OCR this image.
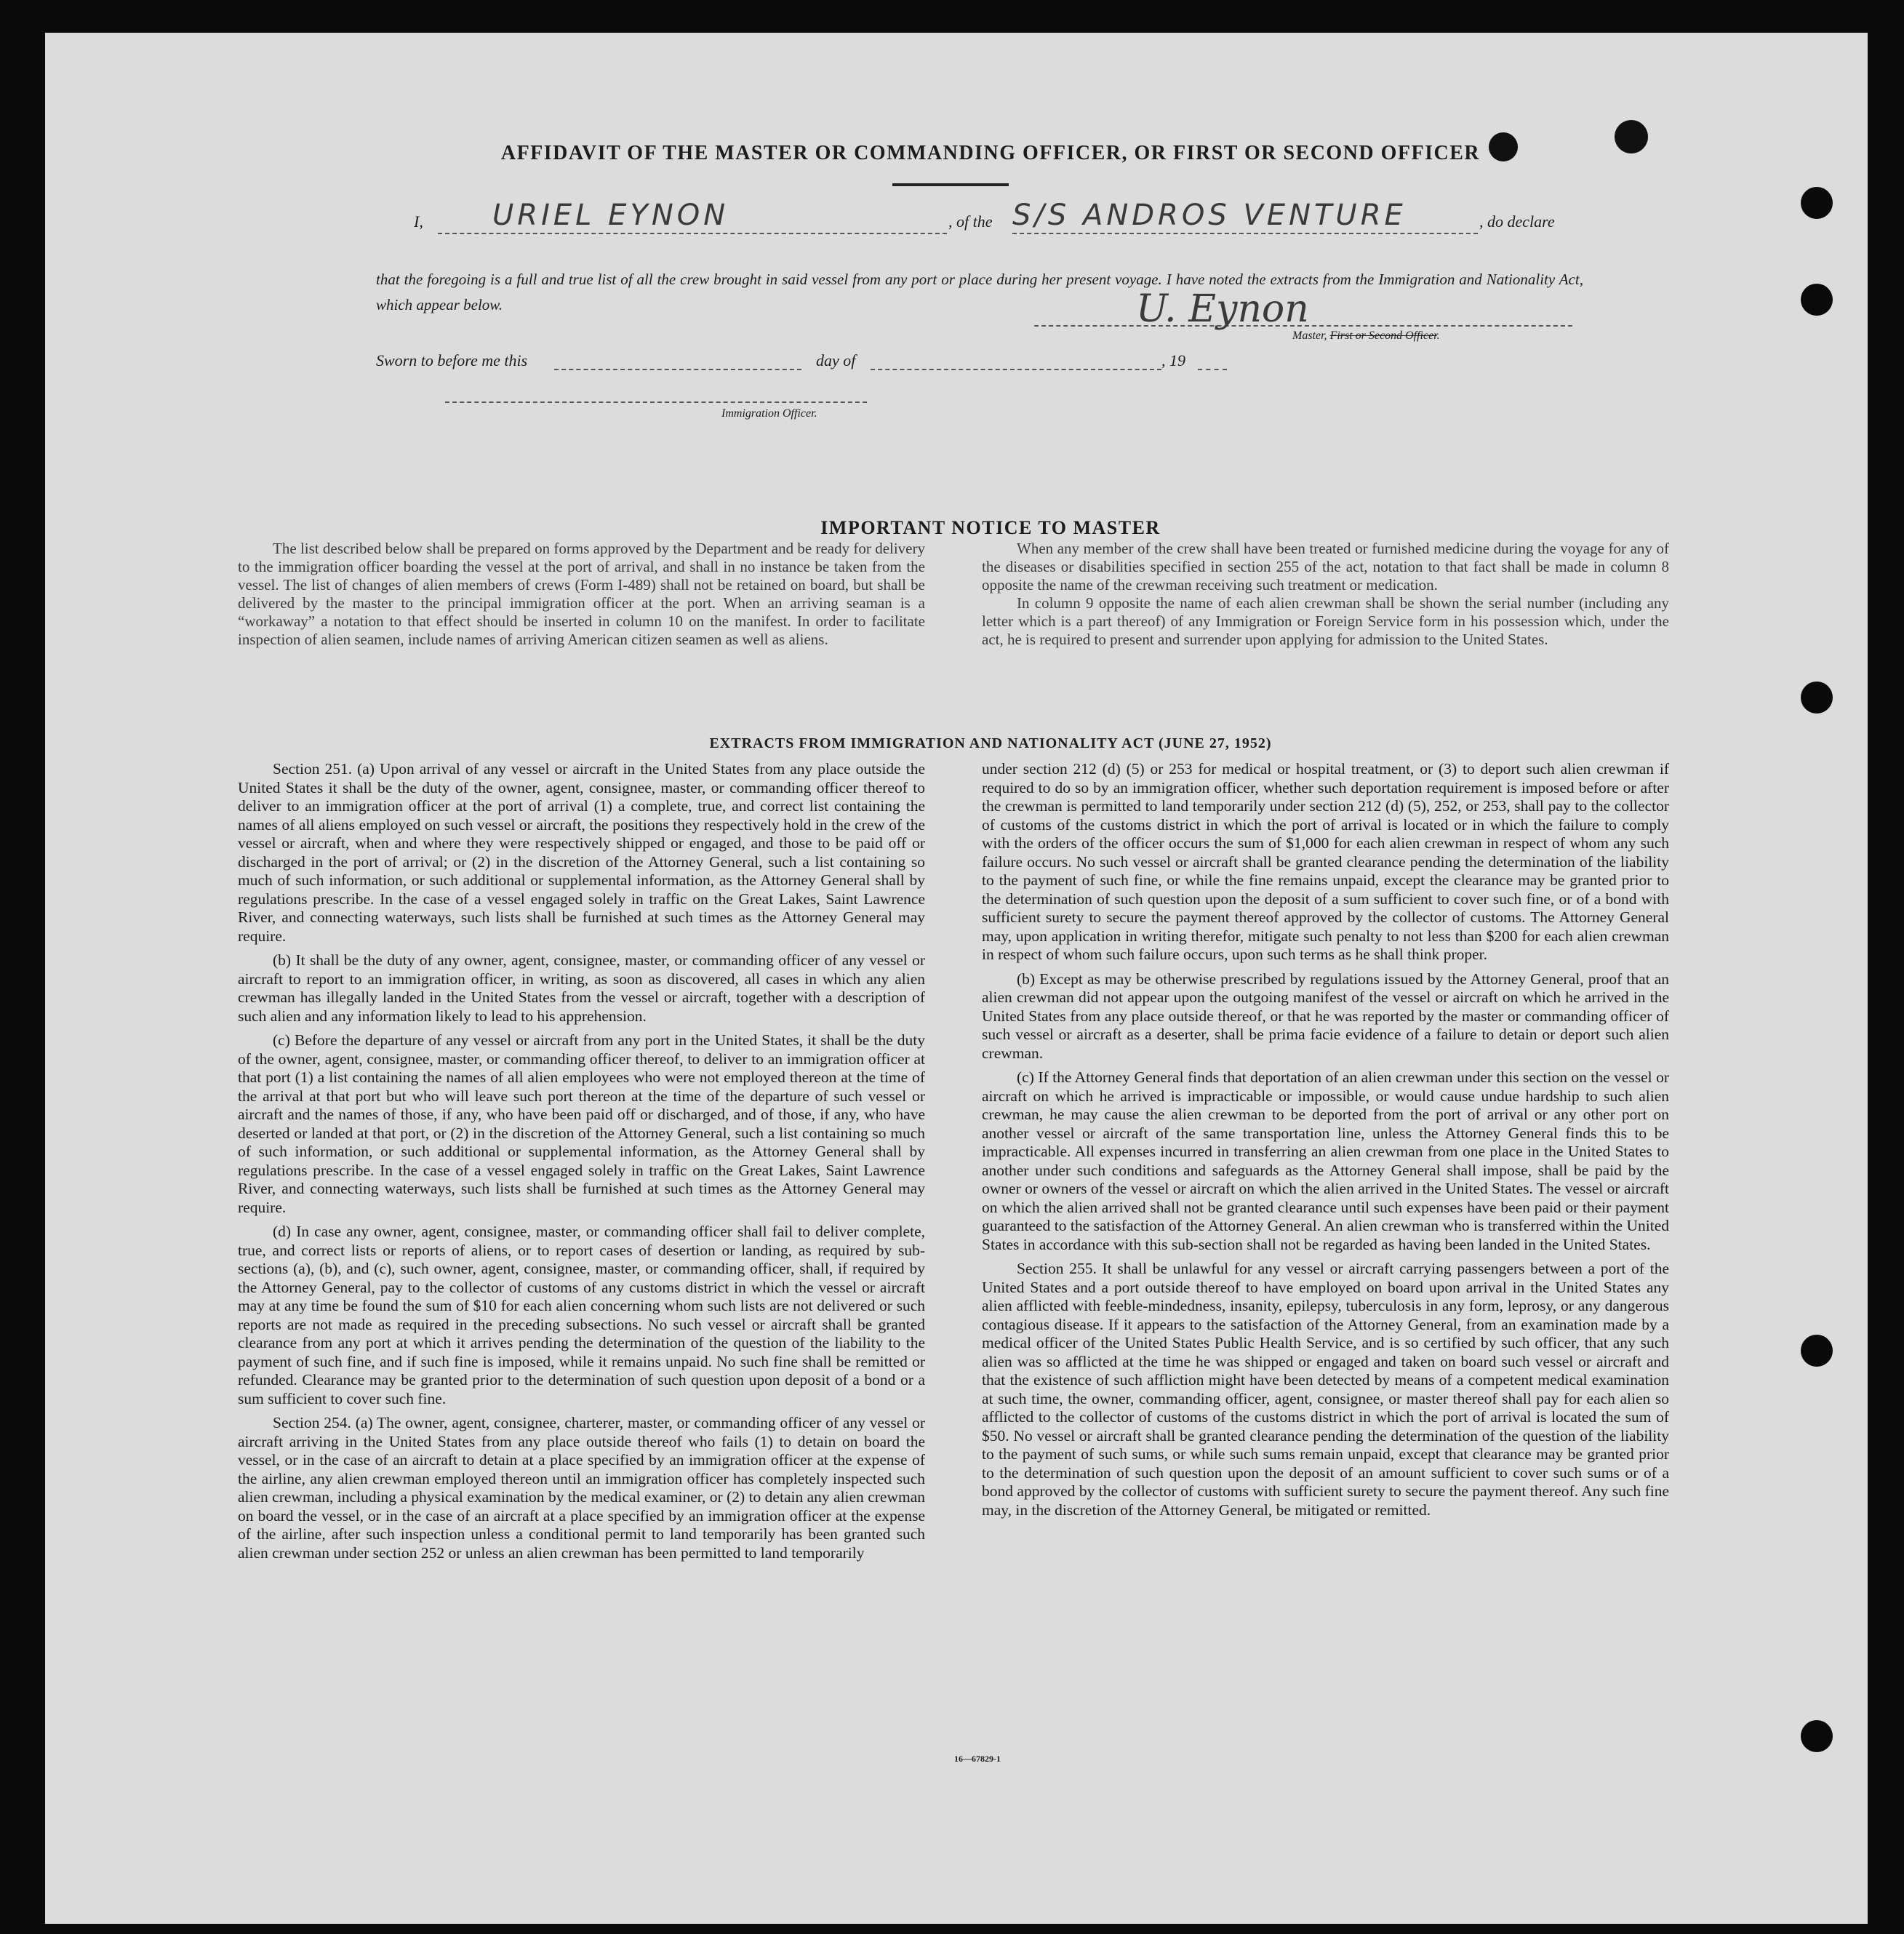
AFFIDAVIT OF THE MASTER OR COMMANDING OFFICER, OR FIRST OR SECOND OFFICER
I, URIEL EYNON	, of the S/S ANDROS VENTURE	, do declare
that the foregoing is a full and true list of all the crew brought in said vessel from any port or place during her present voyage. I have noted the extracts from the Immigration and Nationality Act, which appear below.	U. Eynon
Master, First or Second Officer.
Sworn to before me this	day of	, 19
Immigration Officer.
IMPORTANT NOTICE TO MASTER

The list described below shall be prepared on forms approved by the Department and be ready for delivery to the immigration officer boarding the vessel at the port of arrival, and shall in no instance be taken from the vessel. The list of changes of alien members of crews (Form I-489) shall not be retained on board, but shall be delivered by the master to the principal immigration officer at the port. When an arriving seaman is a “workaway” a notation to that effect should be inserted in column 10 on the manifest. In order to facilitate inspection of alien seamen, include names of arriving American citizen seamen as well as aliens.

When any member of the crew shall have been treated or furnished medicine during the voyage for any of the diseases or disabilities specified in section 255 of the act, notation to that fact shall be made in column 8 opposite the name of the crewman receiving such treatment or medication.

In column 9 opposite the name of each alien crewman shall be shown the serial number (including any letter which is a part thereof) of any Immigration or Foreign Service form in his possession which, under the act, he is required to present and surrender upon applying for admission to the United States.

EXTRACTS FROM IMMIGRATION AND NATIONALITY ACT (JUNE 27, 1952)

Section 251. (a) Upon arrival of any vessel or aircraft in the United States from any place outside the United States it shall be the duty of the owner, agent, consignee, master, or commanding officer thereof to deliver to an immigration officer at the port of arrival (1) a complete, true, and correct list containing the names of all aliens employed on such vessel or aircraft, the positions they respectively hold in the crew of the vessel or aircraft, when and where they were respectively shipped or engaged, and those to be paid off or discharged in the port of arrival; or (2) in the discretion of the Attorney General, such a list containing so much of such information, or such additional or supplemental information, as the Attorney General shall by regulations prescribe. In the case of a vessel engaged solely in traffic on the Great Lakes, Saint Lawrence River, and connecting waterways, such lists shall be furnished at such times as the Attorney General may require.

(b) It shall be the duty of any owner, agent, consignee, master, or commanding officer of any vessel or aircraft to report to an immigration officer, in writing, as soon as discovered, all cases in which any alien crewman has illegally landed in the United States from the vessel or aircraft, together with a description of such alien and any information likely to lead to his apprehension.

(c) Before the departure of any vessel or aircraft from any port in the United States, it shall be the duty of the owner, agent, consignee, master, or commanding officer thereof, to deliver to an immigration officer at that port (1) a list containing the names of all alien employees who were not employed thereon at the time of the arrival at that port but who will leave such port thereon at the time of the departure of such vessel or aircraft and the names of those, if any, who have been paid off or discharged, and of those, if any, who have deserted or landed at that port, or (2) in the discretion of the Attorney General, such a list containing so much of such information, or such additional or supplemental information, as the Attorney General shall by regulations prescribe. In the case of a vessel engaged solely in traffic on the Great Lakes, Saint Lawrence River, and connecting waterways, such lists shall be furnished at such times as the Attorney General may require.

(d) In case any owner, agent, consignee, master, or commanding officer shall fail to deliver complete, true, and correct lists or reports of aliens, or to report cases of desertion or landing, as required by sub-sections (a), (b), and (c), such owner, agent, consignee, master, or commanding officer, shall, if required by the Attorney General, pay to the collector of customs of any customs district in which the vessel or aircraft may at any time be found the sum of $10 for each alien concerning whom such lists are not delivered or such reports are not made as required in the preceding subsections. No such vessel or aircraft shall be granted clearance from any port at which it arrives pending the determination of the question of the liability to the payment of such fine, and if such fine is imposed, while it remains unpaid. No such fine shall be remitted or refunded. Clearance may be granted prior to the determination of such question upon deposit of a bond or a sum sufficient to cover such fine.

Section 254. (a) The owner, agent, consignee, charterer, master, or commanding officer of any vessel or aircraft arriving in the United States from any place outside thereof who fails (1) to detain on board the vessel, or in the case of an aircraft to detain at a place specified by an immigration officer at the expense of the airline, any alien crewman employed thereon until an immigration officer has completely inspected such alien crewman, including a physical examination by the medical examiner, or (2) to detain any alien crewman on board the vessel, or in the case of an aircraft at a place specified by an immigration officer at the expense of the airline, after such inspection unless a conditional permit to land temporarily has been granted such alien crewman under section 252 or unless an alien crewman has been permitted to land temporarily

under section 212 (d) (5) or 253 for medical or hospital treatment, or (3) to deport such alien crewman if required to do so by an immigration officer, whether such deportation requirement is imposed before or after the crewman is permitted to land temporarily under section 212 (d) (5), 252, or 253, shall pay to the collector of customs of the customs district in which the port of arrival is located or in which the failure to comply with the orders of the officer occurs the sum of $1,000 for each alien crewman in respect of whom any such failure occurs. No such vessel or aircraft shall be granted clearance pending the determination of the liability to the payment of such fine, or while the fine remains unpaid, except the clearance may be granted prior to the determination of such question upon the deposit of a sum sufficient to cover such fine, or of a bond with sufficient surety to secure the payment thereof approved by the collector of customs. The Attorney General may, upon application in writing therefor, mitigate such penalty to not less than $200 for each alien crewman in respect of whom such failure occurs, upon such terms as he shall think proper.

(b) Except as may be otherwise prescribed by regulations issued by the Attorney General, proof that an alien crewman did not appear upon the outgoing manifest of the vessel or aircraft on which he arrived in the United States from any place outside thereof, or that he was reported by the master or commanding officer of such vessel or aircraft as a deserter, shall be prima facie evidence of a failure to detain or deport such alien crewman.

(c) If the Attorney General finds that deportation of an alien crewman under this section on the vessel or aircraft on which he arrived is impracticable or impossible, or would cause undue hardship to such alien crewman, he may cause the alien crewman to be deported from the port of arrival or any other port on another vessel or aircraft of the same transportation line, unless the Attorney General finds this to be impracticable. All expenses incurred in transferring an alien crewman from one place in the United States to another under such conditions and safeguards as the Attorney General shall impose, shall be paid by the owner or owners of the vessel or aircraft on which the alien arrived in the United States. The vessel or aircraft on which the alien arrived shall not be granted clearance until such expenses have been paid or their payment guaranteed to the satisfaction of the Attorney General. An alien crewman who is transferred within the United States in accordance with this sub-section shall not be regarded as having been landed in the United States.

Section 255. It shall be unlawful for any vessel or aircraft carrying passengers between a port of the United States and a port outside thereof to have employed on board upon arrival in the United States any alien afflicted with feeble-mindedness, insanity, epilepsy, tuberculosis in any form, leprosy, or any dangerous contagious disease. If it appears to the satisfaction of the Attorney General, from an examination made by a medical officer of the United States Public Health Service, and is so certified by such officer, that any such alien was so afflicted at the time he was shipped or engaged and taken on board such vessel or aircraft and that the existence of such affliction might have been detected by means of a competent medical examination at such time, the owner, commanding officer, agent, consignee, or master thereof shall pay for each alien so afflicted to the collector of customs of the customs district in which the port of arrival is located the sum of $50. No vessel or aircraft shall be granted clearance pending the determination of the question of the liability to the payment of such sums, or while such sums remain unpaid, except that clearance may be granted prior to the determination of such question upon the deposit of an amount sufficient to cover such sums or of a bond approved by the collector of customs with sufficient surety to secure the payment thereof. Any such fine may, in the discretion of the Attorney General, be mitigated or remitted.

16—67829-1
